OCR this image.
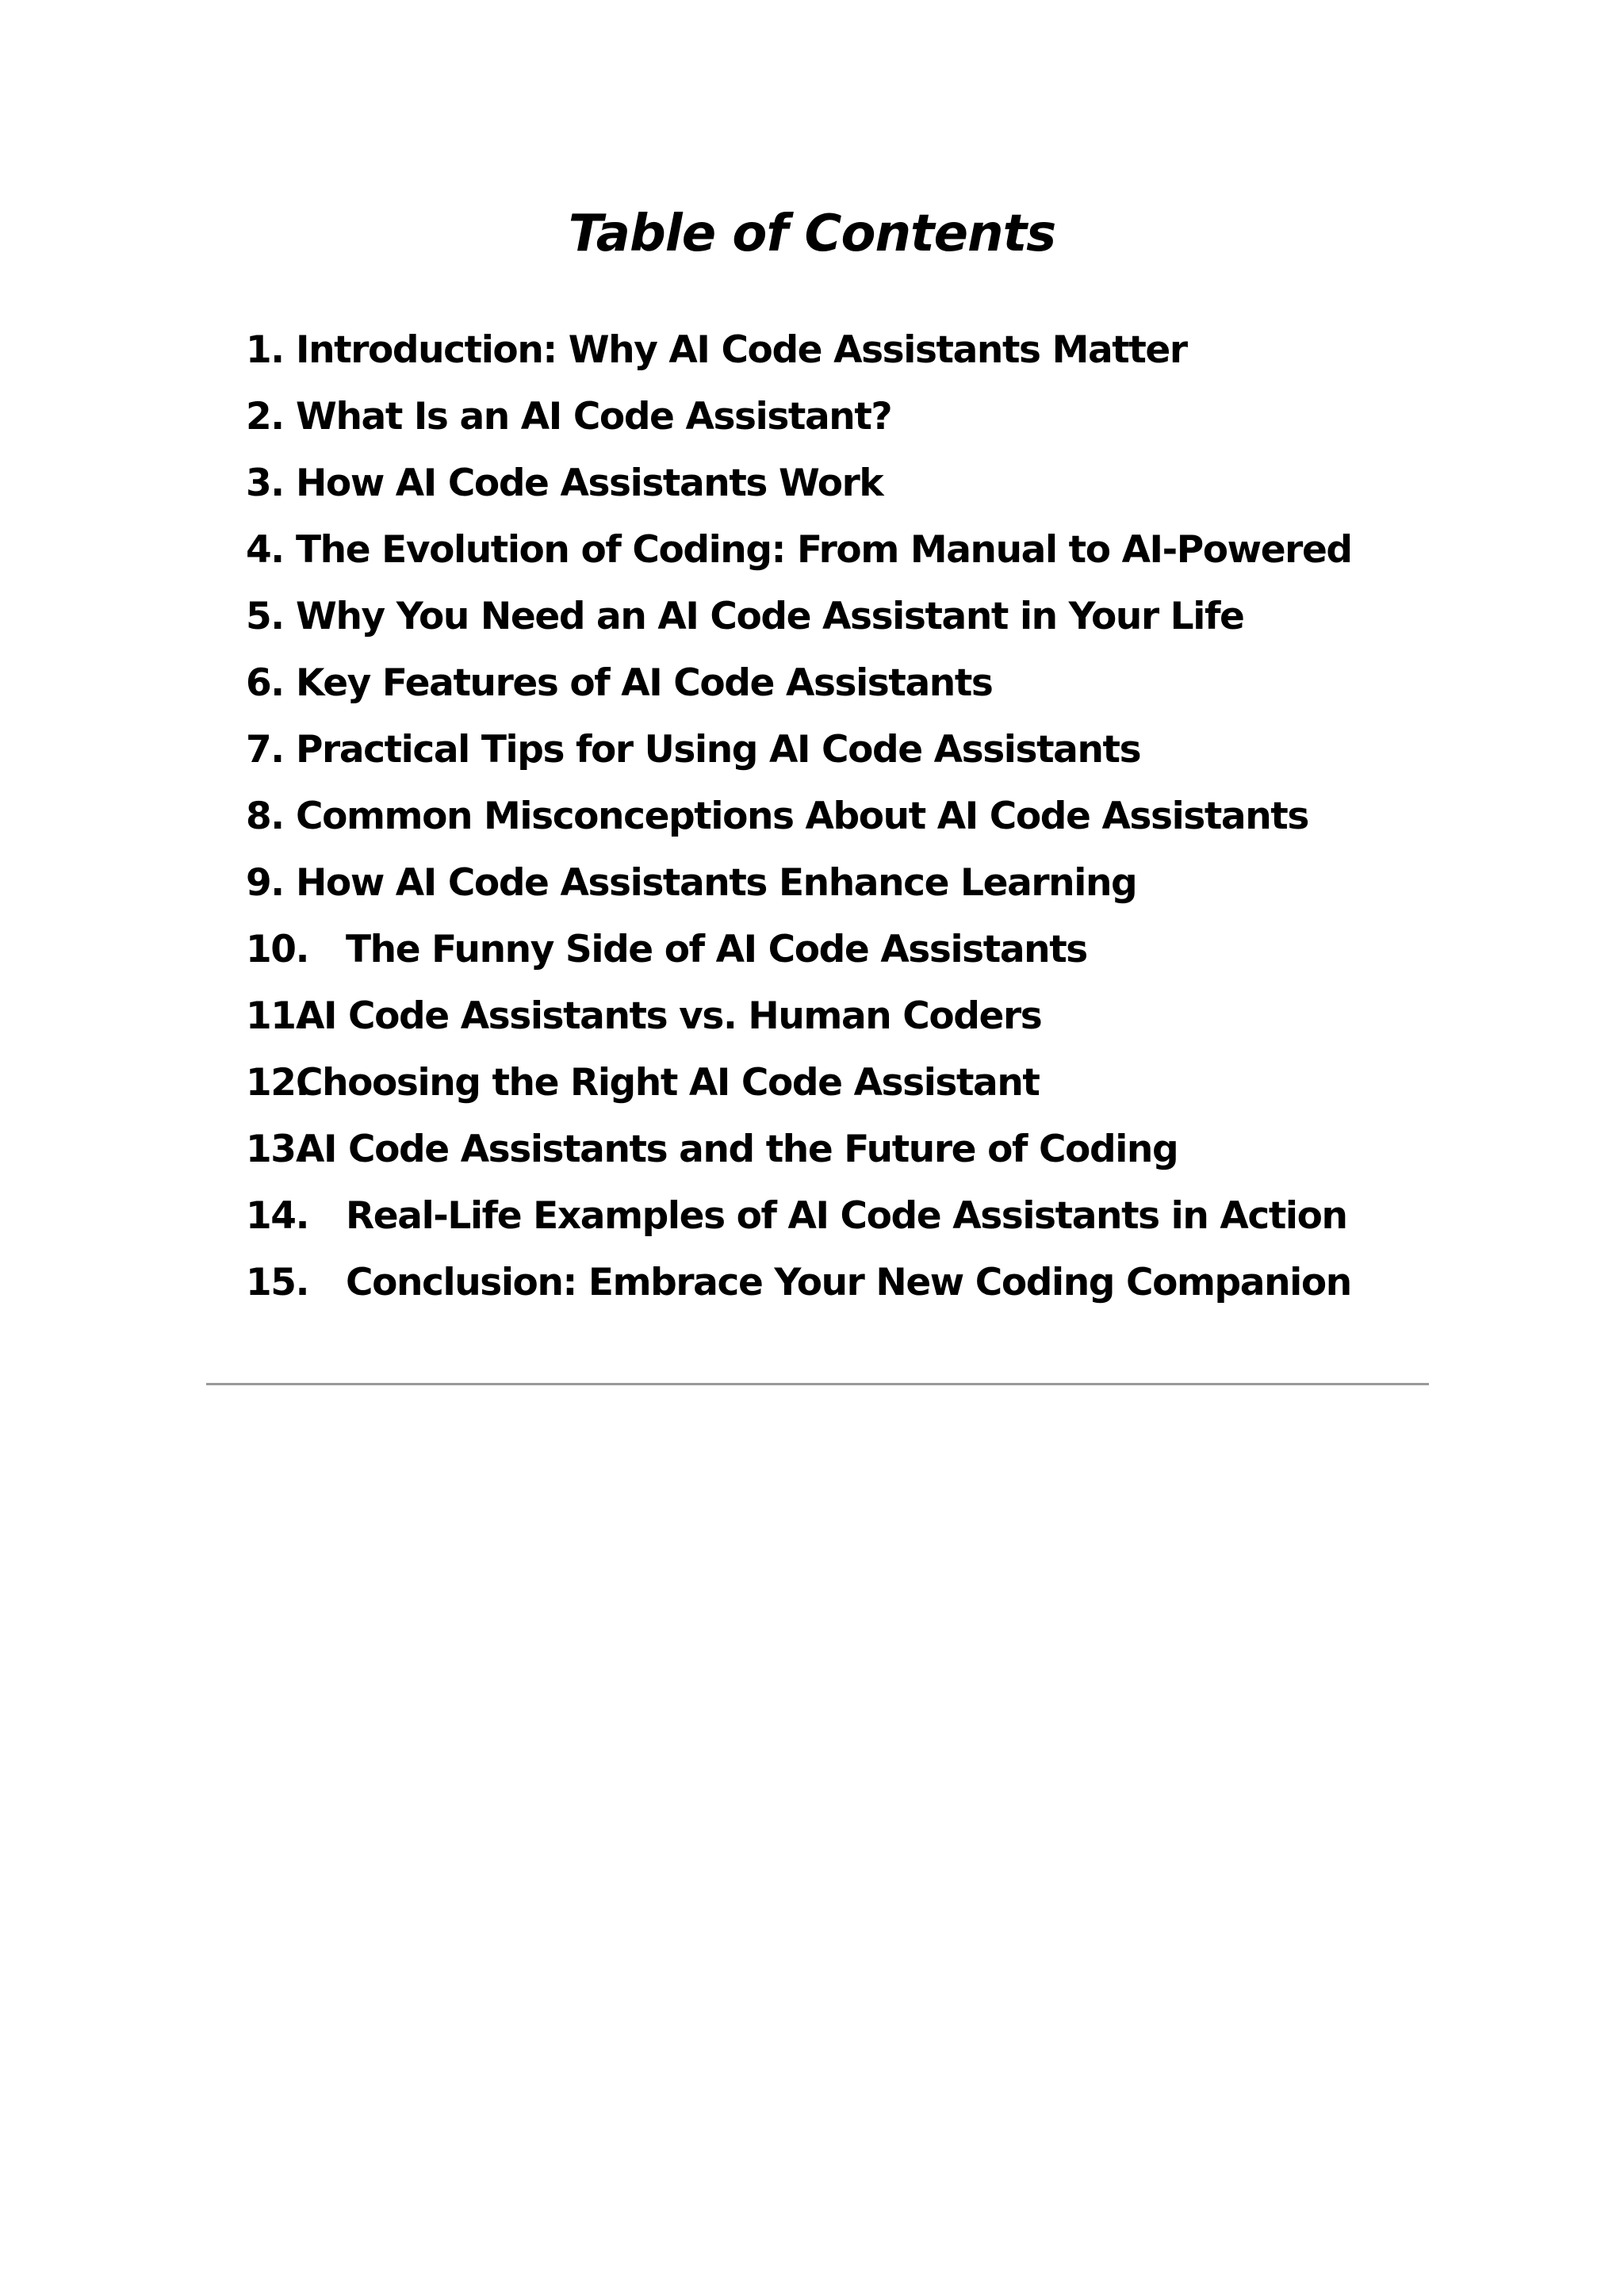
Table of Contents
1. Introduction: Why AI Code Assistants Matter
2. What Is an AI Code Assistant?
3. How AI Code Assistants Work
4. The Evolution of Coding: From Manual to AI-Powered
5. Why You Need an AI Code Assistant in Your Life
6. Key Features of AI Code Assistants
7. Practical Tips for Using AI Code Assistants
8. Common Misconceptions About AI Code Assistants
9. How AI Code Assistants Enhance Learning
10. The Funny Side of AI Code Assistants
11.
AI Code Assistants vs. Human Coders
12.
Choosing the Right AI Code Assistant
13.
AI Code Assistants and the Future of Coding
14. Real-Life Examples of AI Code Assistants in Action
15. Conclusion: Embrace Your New Coding Companion
